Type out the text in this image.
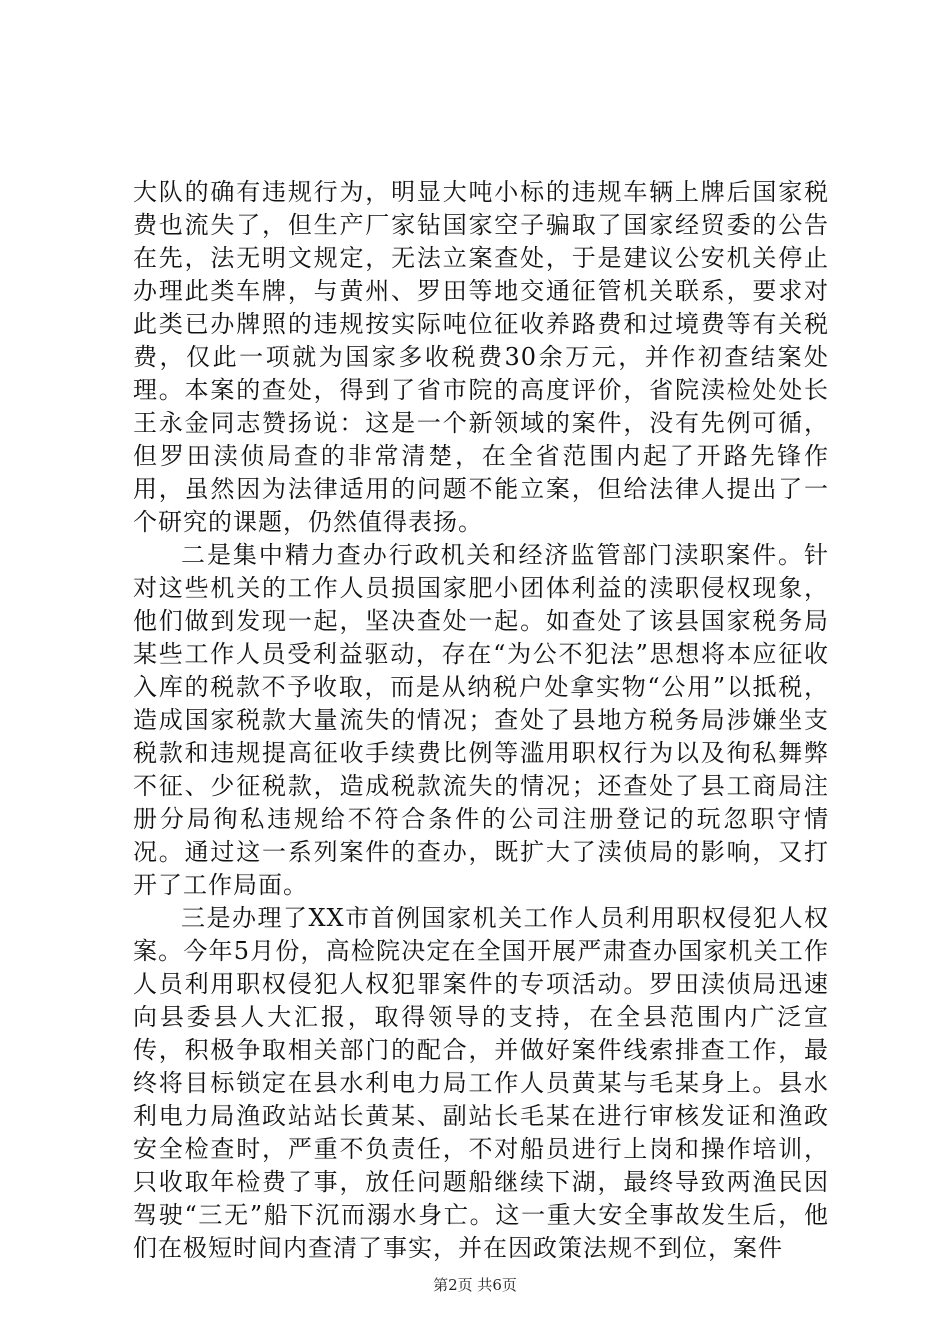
大队的确有违规行为，明显大吨小标的违规车辆上牌后国家税费也流失了，但生产厂家钻国家空子骗取了国家经贸委的公告在先，法无明文规定，无法立案查处，于是建议公安机关停止办理此类车牌，与黄州、罗田等地交通征管机关联系，要求对此类已办牌照的违规按实际吨位征收养路费和过境费等有关税费，仅此一项就为国家多收税费30余万元，并作初查结案处理。本案的查处，得到了省市院的高度评价，省院渎检处处长王永金同志赞扬说：这是一个新领域的案件，没有先例可循，但罗田渎侦局查的非常清楚，在全省范围内起了开路先锋作用，虽然因为法律适用的问题不能立案，但给法律人提出了一个研究的课题，仍然值得表扬。

二是集中精力查办行政机关和经济监管部门渎职案件。针对这些机关的工作人员损国家肥小团体利益的渎职侵权现象，他们做到发现一起，坚决查处一起。如查处了该县国家税务局某些工作人员受利益驱动，存在“为公不犯法”思想将本应征收入库的税款不予收取，而是从纳税户处拿实物“公用”以抵税，造成国家税款大量流失的情况；查处了县地方税务局涉嫌坐支税款和违规提高征收手续费比例等滥用职权行为以及徇私舞弊不征、少征税款，造成税款流失的情况；还查处了县工商局注册分局徇私违规给不符合条件的公司注册登记的玩忽职守情况。通过这一系列案件的查办，既扩大了渎侦局的影响，又打开了工作局面。

三是办理了XX市首例国家机关工作人员利用职权侵犯人权案。今年5月份，高检院决定在全国开展严肃查办国家机关工作人员利用职权侵犯人权犯罪案件的专项活动。罗田渎侦局迅速向县委县人大汇报，取得领导的支持，在全县范围内广泛宣传，积极争取相关部门的配合，并做好案件线索排查工作，最终将目标锁定在县水利电力局工作人员黄某与毛某身上。县水利电力局渔政站站长黄某、副站长毛某在进行审核发证和渔政安全检查时，严重不负责任，不对船员进行上岗和操作培训，只收取年检费了事，放任问题船继续下湖，最终导致两渔民因驾驶“三无”船下沉而溺水身亡。这一重大安全事故发生后，他们在极短时间内查清了事实，并在因政策法规不到位，案件

第2页 共6页
